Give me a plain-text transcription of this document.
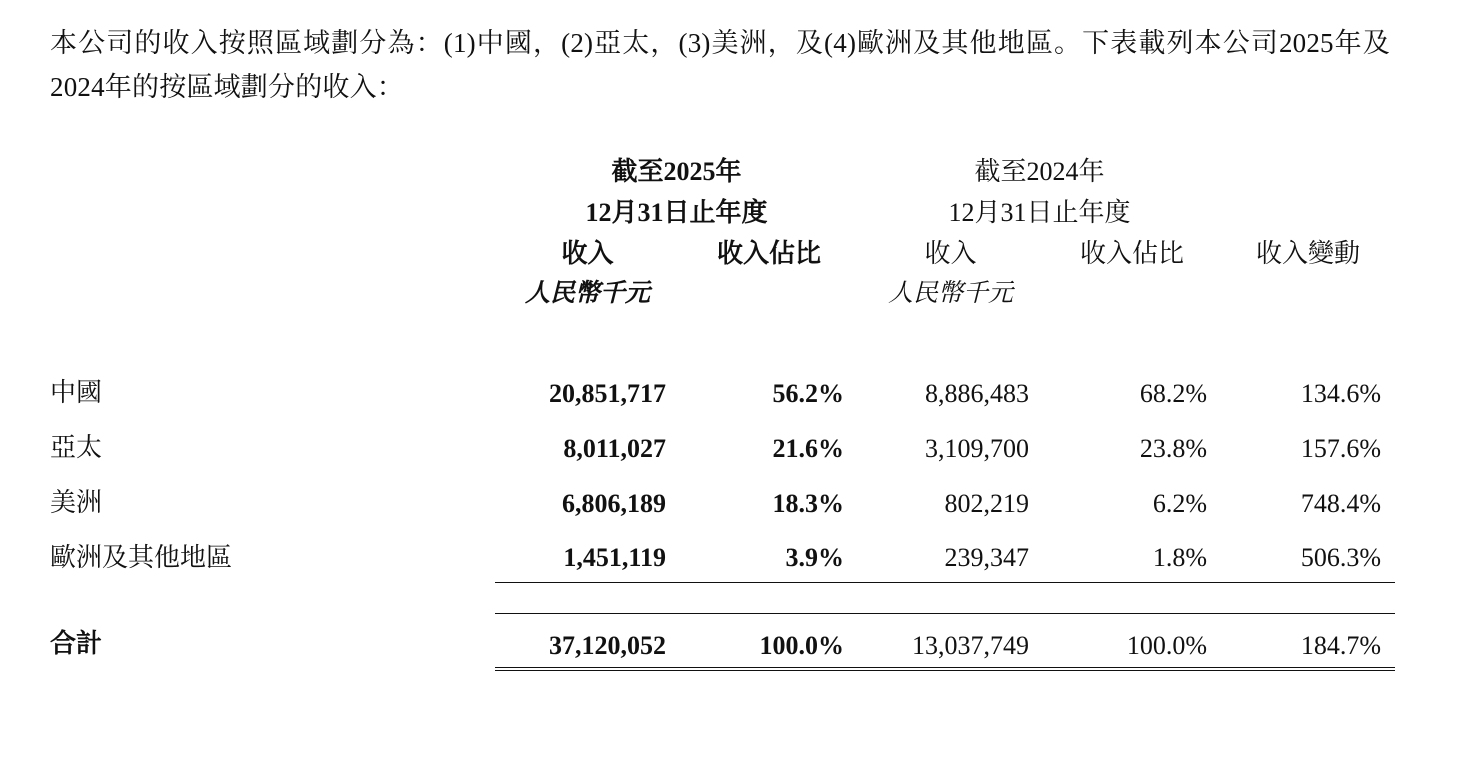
本公司的收入按照區域劃分為：(1)中國，(2)亞太，(3)美洲，及(4)歐洲及其他地區。下表載列本公司2025年及2024年的按區域劃分的收入：

	截至2025年		截至2024年		
	12月31日止年度		12月31日止年度		
	收入	收入佔比	收入	收入佔比	收入變動
	人民幣千元		人民幣千元		

中國	20,851,717	56.2%	8,886,483	68.2%	134.6%
亞太	8,011,027	21.6%	3,109,700	23.8%	157.6%
美洲	6,806,189	18.3%	802,219	6.2%	748.4%
歐洲及其他地區	1,451,119	3.9%	239,347	1.8%	506.3%

合計	37,120,052	100.0%	13,037,749	100.0%	184.7%
